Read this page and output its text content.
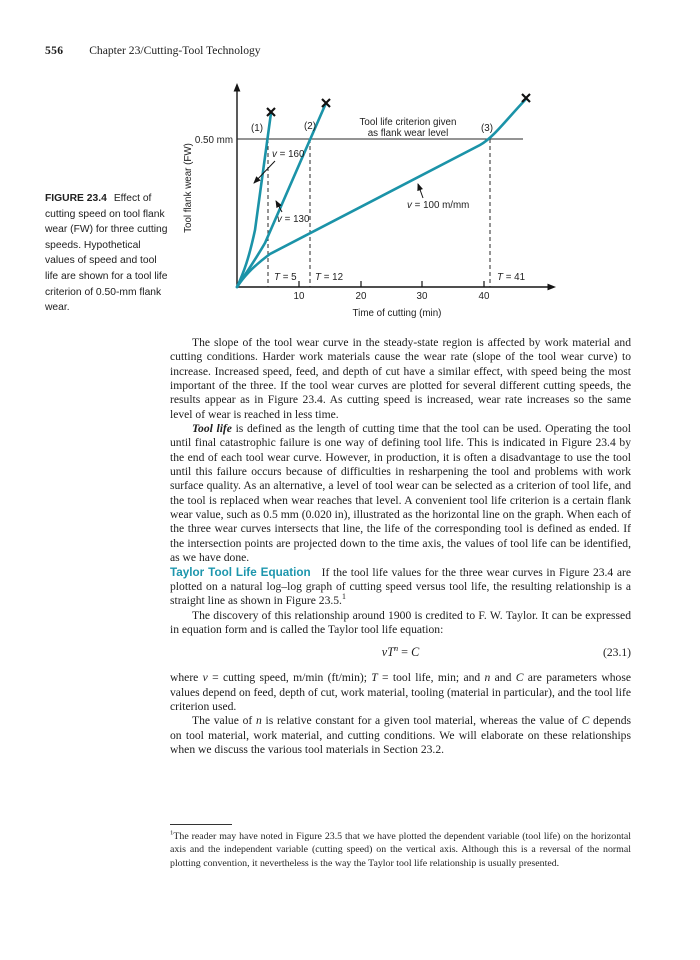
556 Chapter 23/Cutting-Tool Technology
10	20	30	40
(1)	(2)	(3)
Tool life criterion given
as flank wear level
0.50 mm
v = 160
v = 130
v = 100 m/mm
T = 5 T = 12	T = 41
Time of cutting (min)
Tool flank wear (FW)
FIGURE 23.4 Effect of cutting speed on tool flank wear (FW) for three cutting speeds. Hypothetical values of speed and tool life are shown for a tool life criterion of 0.50-mm flank wear.

The slope of the tool wear curve in the steady-state region is affected by work material and cutting conditions. Harder work materials cause the wear rate (slope of the tool wear curve) to increase. Increased speed, feed, and depth of cut have a similar effect, with speed being the most important of the three. If the tool wear curves are plotted for several different cutting speeds, the results appear as in Figure 23.4. As cutting speed is increased, wear rate increases so the same level of wear is reached in less time.

Tool life is defined as the length of cutting time that the tool can be used. Operating the tool until final catastrophic failure is one way of defining tool life. This is indicated in Figure 23.4 by the end of each tool wear curve. However, in production, it is often a disadvantage to use the tool until this failure occurs because of difficulties in resharpening the tool and problems with work surface quality. As an alternative, a level of tool wear can be selected as a criterion of tool life, and the tool is replaced when wear reaches that level. A convenient tool life criterion is a certain flank wear value, such as 0.5 mm (0.020 in), illustrated as the horizontal line on the graph. When each of the three wear curves intersects that line, the life of the corresponding tool is defined as ended. If the intersection points are projected down to the time axis, the values of tool life can be identified, as we have done.

Taylor Tool Life Equation If the tool life values for the three wear curves in Figure 23.4 are plotted on a natural log–log graph of cutting speed versus tool life, the resulting relationship is a straight line as shown in Figure 23.5.$^1$

The discovery of this relationship around 1900 is credited to F. W. Taylor. It can be expressed in equation form and is called the Taylor tool life equation:

$vT^n = C$	(23.1)

where v = cutting speed, m/min (ft/min); T = tool life, min; and n and C are parameters whose values depend on feed, depth of cut, work material, tooling (material in particular), and the tool life criterion used.

The value of n is relative constant for a given tool material, whereas the value of C depends on tool material, work material, and cutting conditions. We will elaborate on these relationships when we discuss the various tool materials in Section 23.2.

$^1$The reader may have noted in Figure 23.5 that we have plotted the dependent variable (tool life) on the horizontal axis and the independent variable (cutting speed) on the vertical axis. Although this is a reversal of the normal plotting convention, it nevertheless is the way the Taylor tool life relationship is usually presented.
